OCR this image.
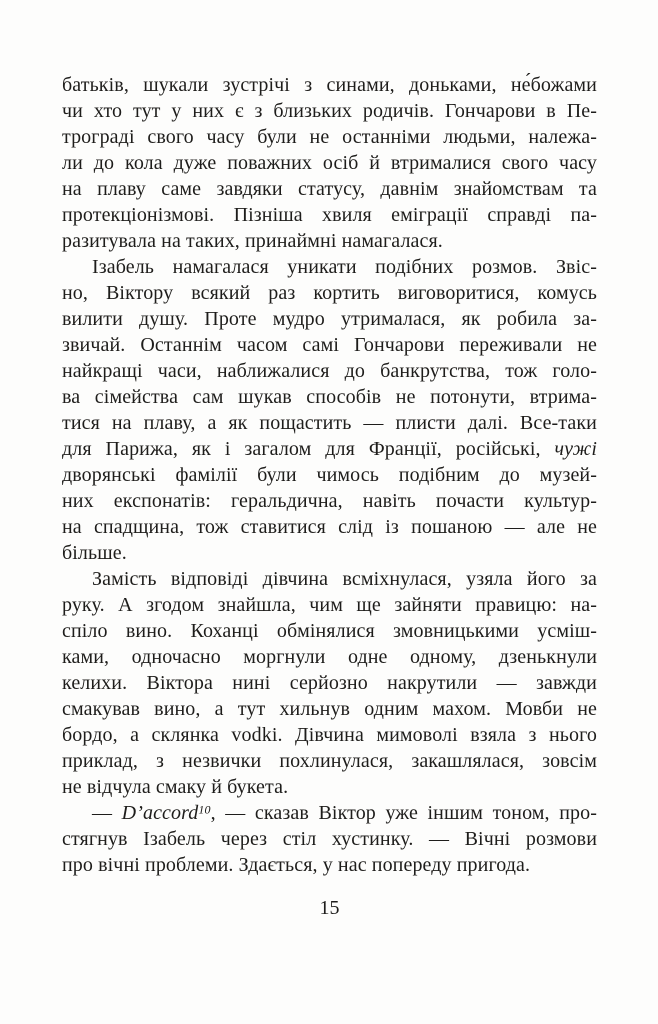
батьків, шукали зустрічі з синами, доньками, не́божами
чи хто тут у них є з близьких родичів. Гончарови в Пе-
трограді свого часу були не останніми людьми, належа-
ли до кола дуже поважних осіб й втрималися свого часу
на плаву саме завдяки статусу, давнім знайомствам та
протекціонізмові. Пізніша хвиля еміграції справді па-
разитувала на таких, принаймні намагалася.
Ізабель намагалася уникати подібних розмов. Звіс-
но, Віктору всякий раз кортить виговоритися, комусь
вилити душу. Проте мудро утрималася, як робила за-
звичай. Останнім часом самі Гончарови переживали не
найкращі часи, наближалися до банкрутства, тож голо-
ва сімейства сам шукав способів не потонути, втрима-
тися на плаву, а як пощастить — плисти далі. Все-таки
для Парижа, як і загалом для Франції, російські, чужі
дворянські фамілії були чимось подібним до музей-
них експонатів: геральдична, навіть почасти культур-
на спадщина, тож ставитися слід із пошаною — але не
більше.
Замість відповіді дівчина всміхнулася, узяла його за
руку. А згодом знайшла, чим ще зайняти правицю: на-
спіло вино. Коханці обмінялися змовницькими усміш-
ками, одночасно моргнули одне одному, дзенькнули
келихи. Віктора нині серйозно накрутили — завжди
смакував вино, а тут хильнув одним махом. Мовби не
бордо, а склянка vodki. Дівчина мимоволі взяла з нього
приклад, з незвички похлинулася, закашлялася, зовсім
не відчула смаку й букета.
— D’accord$^{10}$, — сказав Віктор уже іншим тоном, про-
стягнув Ізабель через стіл хустинку. — Вічні розмови
про вічні проблеми. Здається, у нас попереду пригода.
15
